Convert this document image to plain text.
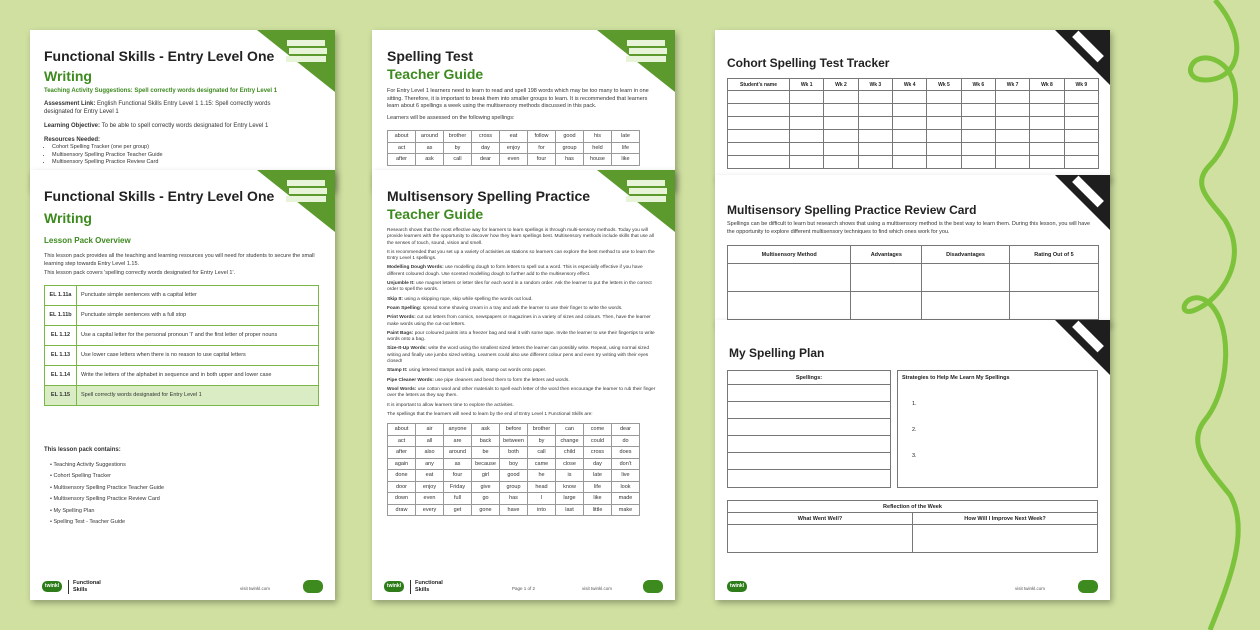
Functional Skills - Entry Level One
Writing
Teaching Activity Suggestions: Spell correctly words designated for Entry Level 1
Assessment Link: English Functional Skills Entry Level 1 1.15: Spell correctly words designated for Entry Level 1
Learning Objective: To be able to spell correctly words designated for Entry Level 1
Resources Needed:
• Cohort Spelling Tracker (one per group)
• Multisensory Spelling Practice Teacher Guide
• Multisensory Spelling Practice Review Card
Functional Skills - Entry Level One
Writing
Lesson Pack Overview
This lesson pack provides all the teaching and learning resources you will need for students to secure the small learning step towards Entry Level 1.15.
This lesson pack covers 'spelling correctly words designated for Entry Level 1'.
EL 1.11a	Punctuate simple sentences with a capital letter
EL 1.11b	Punctuate simple sentences with a full stop
EL 1.12	Use a capital letter for the personal pronoun 'I' and the first letter of proper nouns
EL 1.13	Use lower case letters when there is no reason to use capital letters
EL 1.14	Write the letters of the alphabet in sequence and in both upper and lower case
EL 1.15	Spell correctly words designated for Entry Level 1
This lesson pack contains:
• Teaching Activity Suggestions
• Cohort Spelling Tracker
• Multisensory Spelling Practice Teacher Guide
• Multisensory Spelling Practice Review Card
• My Spelling Plan
• Spelling Test - Teacher Guide
twinkl	Functional Skills	visit twinkl.com
Spelling Test
Teacher Guide
For Entry Level 1 learners need to learn to read and spell 198 words which may be too many to learn in one sitting. Therefore, it is important to break them into smaller groups to learn. It is recommended that learners learn about 6 spellings a week using the multisensory methods discussed in this pack.
Learners will be assessed on the following spellings:
about	around	brother	cross	eat	follow	good	his	late
act	as	by	day	enjoy	for	group	held	life
after	ask	call	dear	even	four	has	house	like
Multisensory Spelling Practice
Teacher Guide
Research shows that the most effective way for learners to learn spellings is through multi-sensory methods. Today you will provide learners with the opportunity to discover how they learn spellings best. Multisensory methods include skills that use all the senses of touch, sound, vision and smell.
It is recommended that you set up a variety of activities as stations so learners can explore the best method to use to learn the Entry Level 1 spellings.
Modelling Dough Words: use modelling dough to form letters to spell out a word. This is especially effective if you have different coloured dough. Use scented modelling dough to further add to the multisensory effect.
Unjumble It: use magnet letters or letter tiles for each word in a random order. Ask the learner to put the letters in the correct order to spell the words.
Skip It: using a skipping rope, skip while spelling the words out loud.
Foam Spelling: spread some shaving cream in a tray and ask the learner to use their finger to write the words.
Print Words: cut out letters from comics, newspapers or magazines in a variety of sizes and colours. Then, have the learner make words using the cut-out letters.
Paint Bags: pour coloured paints into a freezer bag and seal it with some tape. Invite the learner to use their fingertips to write words onto a bag.
Size-It-Up Words: write the word using the smallest sized letters the learner can possibly write. Repeat, using normal sized writing and finally use jumbo sized writing. Learners could also use different colour pens and even try writing with their eyes closed!
Stamp It: using lettered stamps and ink pads, stamp out words onto paper.
Pipe Cleaner Words: use pipe cleaners and bend them to form the letters and words.
Wool Words: use cotton wool and other materials to spell each letter of the word then encourage the learner to rub their finger over the letters as they say them.
It is important to allow learners time to explore the activities.
The spellings that the learners will need to learn by the end of Entry Level 1 Functional Skills are:
about	air	anyone	ask	before	brother	can	come	dear
act	all	are	back	between	by	change	could	do
after	also	around	be	both	call	child	cross	does
again	any	as	because	boy	came	close	day	don't
done	eat	four	girl	good	he	is	late	live
door	enjoy	Friday	give	group	head	know	life	look
down	even	full	go	has	I	large	like	made
draw	every	get	gone	have	into	last	little	make
twinkl	Functional Skills	Page 1 of 2	visit twinkl.com
Cohort Spelling Test Tracker
Student's name	Wk 1	Wk 2	Wk 3	Wk 4	Wk 5	Wk 6	Wk 7	Wk 8	Wk 9

Multisensory Spelling Practice Review Card
Spellings can be difficult to learn but research shows that using a multisensory method is the best way to learn them. During this lesson, you will have the opportunity to explore different multisensory techniques to find which ones work for you.
Multisensory Method	Advantages	Disadvantages	Rating Out of 5

My Spelling Plan
Spellings:	Strategies to Help Me Learn My Spellings
1.
2.
3.
Reflection of the Week	
What Went Well?	How Will I Improve Next Week?

twinkl	visit twinkl.com
